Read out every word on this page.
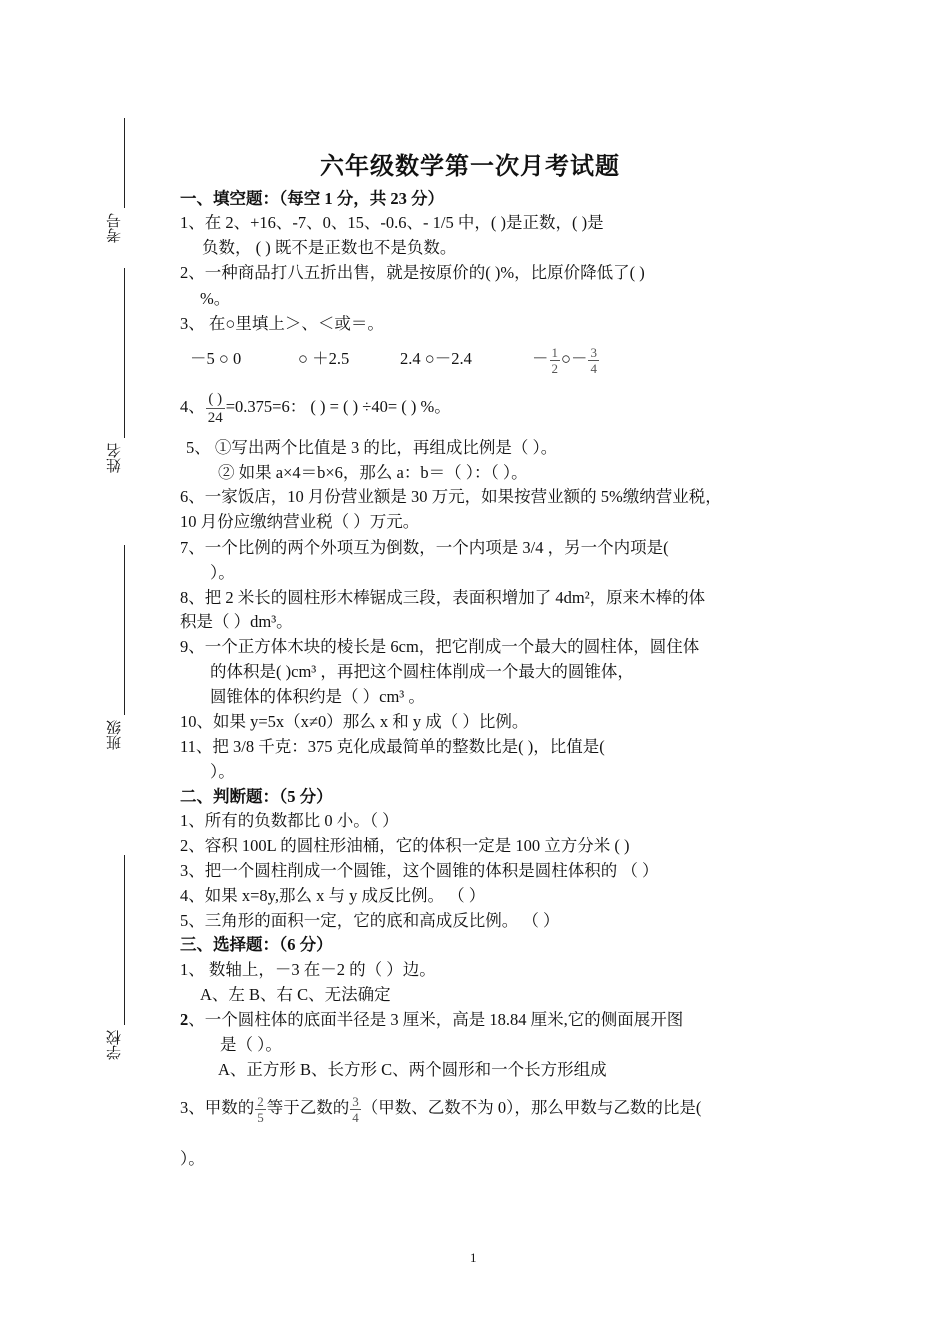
考号
姓名
班级
学校
六年级数学第一次月考试题
一、填空题：（每空 1 分，共 23 分）
1、在 2、+16、-7、0、15、-0.6、- 1/5 中，( )是正数，( )是
负数， ( ) 既不是正数也不是负数。
2、一种商品打八五折出售，就是按原价的( )%，比原价降低了( )
%。
3、 在○里填上＞、＜或＝。
－5 ○ 0	○ ＋2.5	2.4 ○－2.4	－ $\frac{1}{2}$ ○－ $\frac{3}{4}$
4、 $\frac{( )}{24} =0.375=6$： ( ) = ( ) ÷40= ( ) %。
5、 ①写出两个比值是 3 的比，再组成比例是（ ）。
② 如果 a×4＝b×6，那么 a：b＝（ ）：（ ）。
6、一家饭店，10 月份营业额是 30 万元，如果按营业额的 5%缴纳营业税，
10 月份应缴纳营业税（ ）万元。
7、一个比例的两个外项互为倒数，一个内项是 3/4 ，另一个内项是(
）。
8、把 2 米长的圆柱形木棒锯成三段，表面积增加了 4dm²，原来木棒的体
积是（ ）dm³。
9、一个正方体木块的棱长是 6cm，把它削成一个最大的圆柱体，圆住体
的体积是( )cm³ ，再把这个圆柱体削成一个最大的圆锥体，
圆锥体的体积约是（ ）cm³ 。
10、如果 y=5x（x≠0）那么 x 和 y 成（ ）比例。
11、把 3/8 千克：375 克化成最简单的整数比是( )，比值是(
）。
二、判断题：（5 分）
1、所有的负数都比 0 小。（ ）
2、容积 100L 的圆柱形油桶，它的体积一定是 100 立方分米 ( )
3、把一个圆柱削成一个圆锥，这个圆锥的体积是圆柱体积的 （ ）
4、如果 x=8y,那么 x 与 y 成反比例。 （ ）
5、三角形的面积一定，它的底和高成反比例。 （ ）
三、选择题：（6 分）
1、 数轴上，－3 在－2 的（ ）边。
A、左 B、右 C、无法确定
2、一个圆柱体的底面半径是 3 厘米，高是 18.84 厘米,它的侧面展开图
是（ ）。
A、正方形 B、长方形 C、两个圆形和一个长方形组成
3、甲数的 $\frac{2}{5}$ 等于乙数的 $\frac{3}{4}$ （甲数、乙数不为 0），那么甲数与乙数的比是(
）。
1
